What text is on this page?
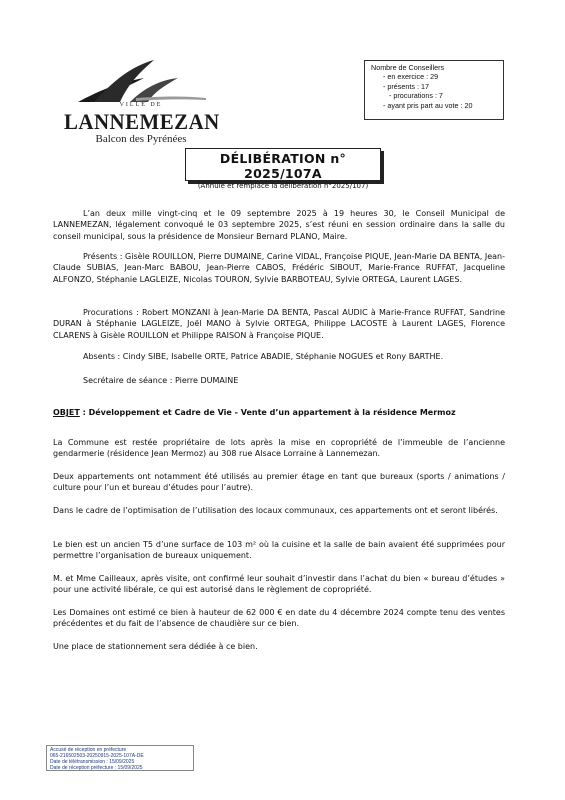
VILLE DE
LANNEMEZAN
Balcon des Pyrénées
Nombre de Conseillers
- en exercice : 29
- présents : 17
- procurations : 7
- ayant pris part au vote : 20
DÉLIBÉRATION n° 2025/107A
(Annule et remplace la délibération n°2025/107)
L’an deux mille vingt-cinq et le 09 septembre 2025 à 19 heures 30, le Conseil Municipal de LANNEMEZAN, légalement convoqué le 03 septembre 2025, s’est réuni en session ordinaire dans la salle du conseil municipal, sous la présidence de Monsieur Bernard PLANO, Maire.
Présents : Gisèle ROUILLON, Pierre DUMAINE, Carine VIDAL, Françoise PIQUE, Jean-Marie DA BENTA, Jean-Claude SUBIAS, Jean-Marc BABOU, Jean-Pierre CABOS, Frédéric SIBOUT, Marie-France RUFFAT, Jacqueline ALFONZO, Stéphanie LAGLEIZE, Nicolas TOURON, Sylvie BARBOTEAU, Sylvie ORTEGA, Laurent LAGES.
Procurations : Robert MONZANI à Jean-Marie DA BENTA, Pascal AUDIC à Marie-France RUFFAT, Sandrine DURAN à Stéphanie LAGLEIZE, Joël MANO à Sylvie ORTEGA, Philippe LACOSTE à Laurent LAGES, Florence CLARENS à Gisèle ROUILLON et Philippe RAISON à Françoise PIQUE.
Absents : Cindy SIBE, Isabelle ORTE, Patrice ABADIE, Stéphanie NOGUES et Rony BARTHE.
Secrétaire de séance : Pierre DUMAINE
OBJET : Développement et Cadre de Vie - Vente d’un appartement à la résidence Mermoz
La Commune est restée propriétaire de lots après la mise en copropriété de l’immeuble de l’ancienne gendarmerie (résidence Jean Mermoz) au 308 rue Alsace Lorraine à Lannemezan.
Deux appartements ont notamment été utilisés au premier étage en tant que bureaux (sports / animations / culture pour l’un et bureau d’études pour l’autre).
Dans le cadre de l’optimisation de l’utilisation des locaux communaux, ces appartements ont et seront libérés.
Le bien est un ancien T5 d’une surface de 103 m² où la cuisine et la salle de bain avaient été supprimées pour permettre l’organisation de bureaux uniquement.
M. et Mme Cailleaux, après visite, ont confirmé leur souhait d’investir dans l’achat du bien « bureau d’études » pour une activité libérale, ce qui est autorisé dans le règlement de copropriété.
Les Domaines ont estimé ce bien à hauteur de 62 000 € en date du 4 décembre 2024 compte tenu des ventes précédentes et du fait de l’absence de chaudière sur ce bien.
Une place de stationnement sera dédiée à ce bien.
Accusé de réception en préfecture
065-216502503-20250915-2025-107A-DE
Date de télétransmission : 15/09/2025
Date de réception préfecture : 15/09/2025
